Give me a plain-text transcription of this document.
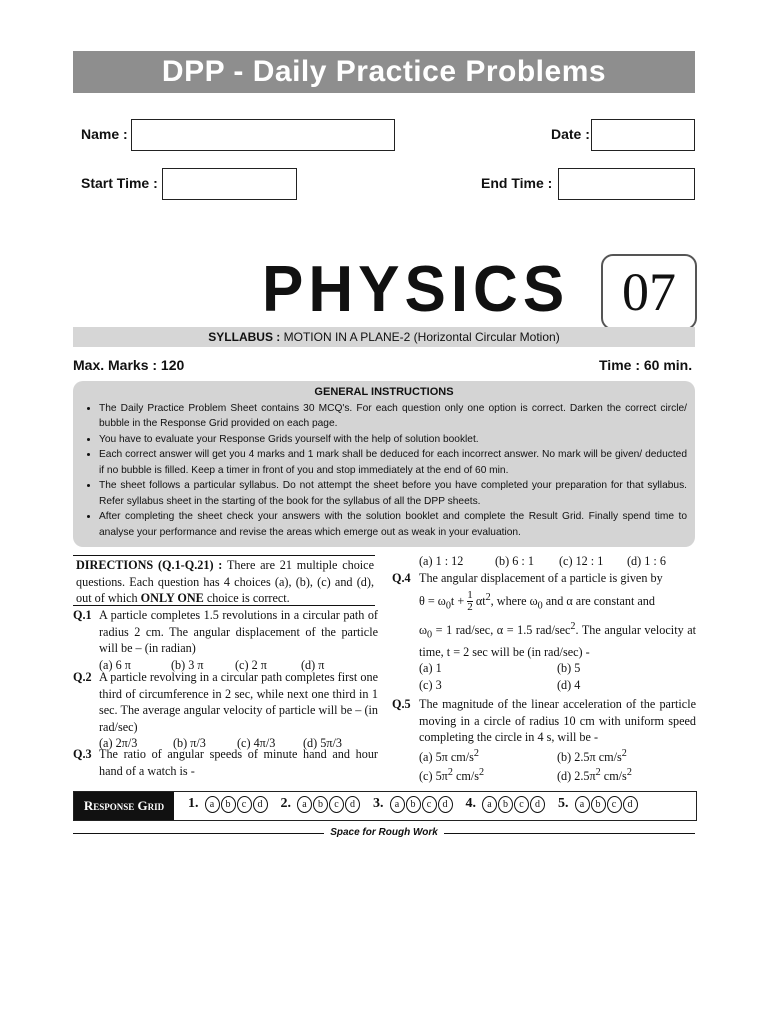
DPP - Daily Practice Problems
Name :	Date :
Start Time :	End Time :
PHYSICS 07
SYLLABUS : MOTION IN A PLANE-2 (Horizontal Circular Motion)
Max. Marks : 120	Time : 60 min.
GENERAL INSTRUCTIONS
• The Daily Practice Problem Sheet contains 30 MCQ's. For each question only one option is correct. Darken the correct circle/ bubble in the Response Grid provided on each page.
• You have to evaluate your Response Grids yourself with the help of solution booklet.
• Each correct answer will get you 4 marks and 1 mark shall be deduced for each incorrect answer. No mark will be given/ deducted if no bubble is filled. Keep a timer in front of you and stop immediately at the end of 60 min.
• The sheet follows a particular syllabus. Do not attempt the sheet before you have completed your preparation for that syllabus. Refer syllabus sheet in the starting of the book for the syllabus of all the DPP sheets.
• After completing the sheet check your answers with the solution booklet and complete the Result Grid. Finally spend time to analyse your performance and revise the areas which emerge out as weak in your evaluation.
DIRECTIONS (Q.1-Q.21) : There are 21 multiple choice questions. Each question has 4 choices (a), (b), (c) and (d), out of which ONLY ONE choice is correct.
Q.1 A particle completes 1.5 revolutions in a circular path of radius 2 cm. The angular displacement of the particle will be – (in radian)
(a) 6 π	(b) 3 π	(c) 2 π	(d) π
Q.2 A particle revolving in a circular path completes first one third of circumference in 2 sec, while next one third in 1 sec. The average angular velocity of particle will be – (in rad/sec)
(a) 2π/3	(b) π/3	(c) 4π/3 (d) 5π/3
Q.3 The ratio of angular speeds of minute hand and hour hand of a watch is -
(a) 1 : 12	(b) 6 : 1 (c) 12 : 1 (d) 1 : 6
Q.4 The angular displacement of a particle is given by
$\theta = \omega_0t + \frac{1}{2} \alpha t^2$, where $\omega_0$ and α are constant and
$\omega_0 = 1$ rad/sec, α = 1.5 rad/$\sec^2$. The angular velocity at time, t = 2 sec will be (in rad/sec) -
(a) 1	(b) 5
(c) 3	(d) 4
Q.5 The magnitude of the linear acceleration of the particle moving in a circle of radius 10 cm with uniform speed completing the circle in 4 s, will be -
(a) 5π $cm/s^2$	(b) 2.5π $cm/s^2$
(c) $5\pi^2$ $cm/s^2$	(d) $2.5\pi^2$ $cm/s^2$
Response Grid	1. a b c d 2. a b c d 3. a b c d 4. a b c d 5. a b c d
Space for Rough Work
